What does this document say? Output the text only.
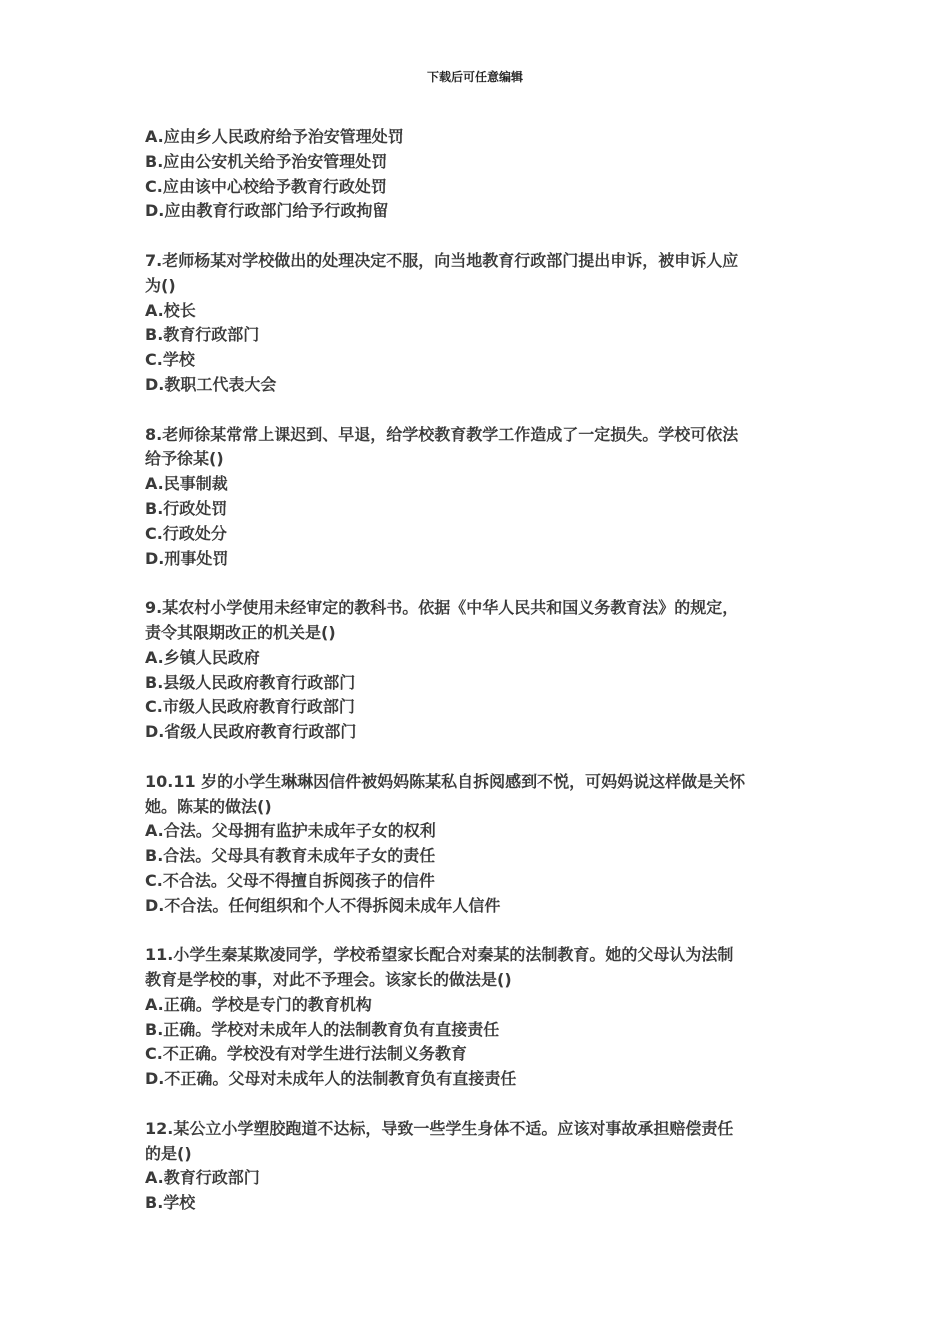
下载后可任意编辑
A.应由乡人民政府给予治安管理处罚
B.应由公安机关给予治安管理处罚
C.应由该中心校给予教育行政处罚
D.应由教育行政部门给予行政拘留
7.老师杨某对学校做出的处理决定不服，向当地教育行政部门提出申诉，被申诉人应
为()
A.校长
B.教育行政部门
C.学校
D.教职工代表大会
8.老师徐某常常上课迟到、早退，给学校教育教学工作造成了一定损失。学校可依法
给予徐某()
A.民事制裁
B.行政处罚
C.行政处分
D.刑事处罚
9.某农村小学使用未经审定的教科书。依据《中华人民共和国义务教育法》的规定，
责令其限期改正的机关是()
A.乡镇人民政府
B.县级人民政府教育行政部门
C.市级人民政府教育行政部门
D.省级人民政府教育行政部门
10.11 岁的小学生琳琳因信件被妈妈陈某私自拆阅感到不悦，可妈妈说这样做是关怀
她。陈某的做法()
A.合法。父母拥有监护未成年子女的权利
B.合法。父母具有教育未成年子女的责任
C.不合法。父母不得擅自拆阅孩子的信件
D.不合法。任何组织和个人不得拆阅未成年人信件
11.小学生秦某欺凌同学，学校希望家长配合对秦某的法制教育。她的父母认为法制
教育是学校的事，对此不予理会。该家长的做法是()
A.正确。学校是专门的教育机构
B.正确。学校对未成年人的法制教育负有直接责任
C.不正确。学校没有对学生进行法制义务教育
D.不正确。父母对未成年人的法制教育负有直接责任
12.某公立小学塑胶跑道不达标，导致一些学生身体不适。应该对事故承担赔偿责任
的是()
A.教育行政部门
B.学校
